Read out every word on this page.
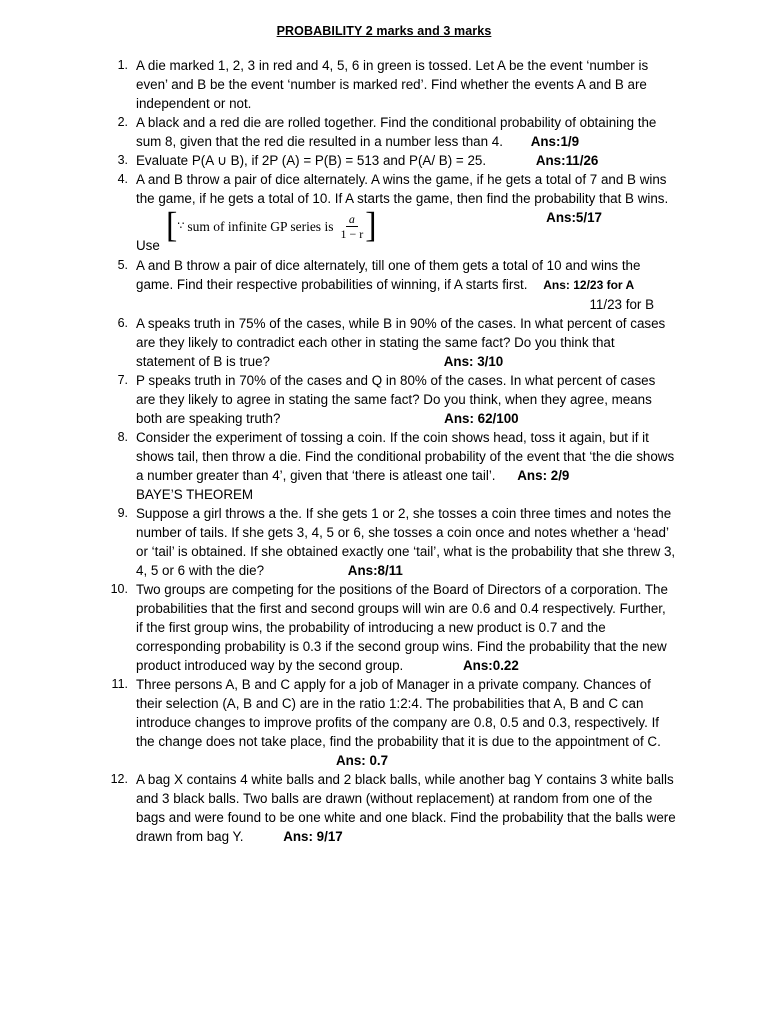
PROBABILITY 2 marks and 3 marks
1. A die marked 1, 2, 3 in red and 4, 5, 6 in green is tossed. Let A be the event ‘number is even’ and B be the event ‘number is marked red’. Find whether the events A and B are independent or not.
2. A black and a red die are rolled together. Find the conditional probability of obtaining the sum 8, given that the red die resulted in a number less than 4. Ans:1/9
3. Evaluate P(A ∪ B), if 2P (A) = P(B) = 513 and P(A/ B) = 25.	Ans:11/26
4. A and B throw a pair of dice alternately. A wins the game, if he gets a total of 7 and B wins the game, if he gets a total of 10. If A starts the game, then find the probability that B wins.
Ans:5/17
Use
[ ∵ sum of infinite GP series is $\frac{a}{1 - r}$ ]
5. A and B throw a pair of dice alternately, till one of them gets a total of 10 and wins the game. Find their respective probabilities of winning, if A starts first. Ans: 12/23 for A
11/23 for B
6. A speaks truth in 75% of the cases, while B in 90% of the cases. In what percent of cases are they likely to contradict each other in stating the same fact? Do you think that statement of B is true?	Ans: 3/10
7. P speaks truth in 70% of the cases and Q in 80% of the cases. In what percent of cases are they likely to agree in stating the same fact? Do you think, when they agree, means both are speaking truth?	Ans: 62/100
8. Consider the experiment of tossing a coin. If the coin shows head, toss it again, but if it shows tail, then throw a die. Find the conditional probability of the event that ‘the die shows a number greater than 4’, given that ‘there is atleast one tail’. Ans: 2/9
BAYE’S THEOREM
9. Suppose a girl throws a the. If she gets 1 or 2, she tosses a coin three times and notes the number of tails. If she gets 3, 4, 5 or 6, she tosses a coin once and notes whether a ‘head’ or ‘tail’ is obtained. If she obtained exactly one ‘tail’, what is the probability that she threw 3, 4, 5 or 6 with the die?	Ans:8/11
10. Two groups are competing for the positions of the Board of Directors of a corporation. The probabilities that the first and second groups will win are 0.6 and 0.4 respectively. Further, if the first group wins, the probability of introducing a new product is 0.7 and the corresponding probability is 0.3 if the second group wins. Find the probability that the new product introduced way by the second group.	Ans:0.22
11. Three persons A, B and C apply for a job of Manager in a private company. Chances of their selection (A, B and C) are in the ratio 1:2:4. The probabilities that A, B and C can introduce changes to improve profits of the company are 0.8, 0.5 and 0.3, respectively. If the change does not take place, find the probability that it is due to the appointment of C.
Ans: 0.7
12. A bag X contains 4 white balls and 2 black balls, while another bag Y contains 3 white balls and 3 black balls. Two balls are drawn (without replacement) at random from one of the bags and were found to be one white and one black. Find the probability that the balls were drawn from bag Y.	Ans: 9/17
